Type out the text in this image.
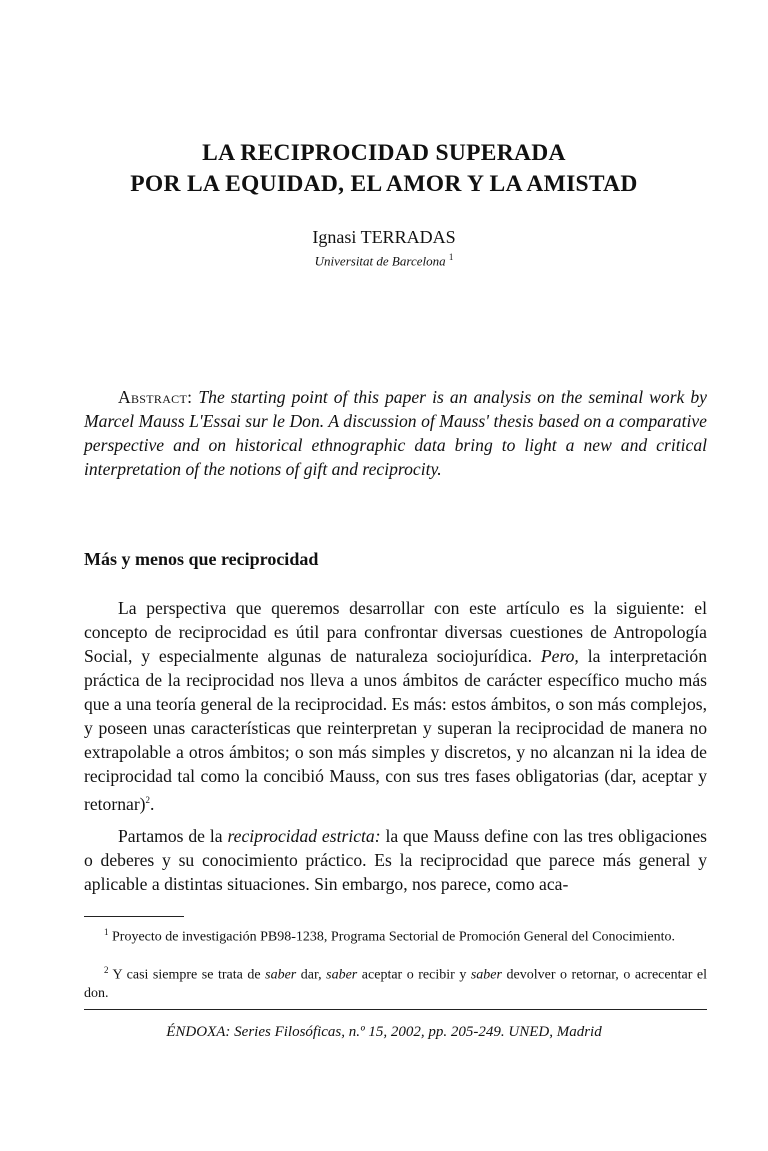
LA RECIPROCIDAD SUPERADA
POR LA EQUIDAD, EL AMOR Y LA AMISTAD
Ignasi TERRADAS
Universitat de Barcelona $^1$
Abstract: The starting point of this paper is an analysis on the seminal work by Marcel Mauss L'Essai sur le Don. A discussion of Mauss' thesis based on a comparative perspective and on historical ethnographic data bring to light a new and critical interpretation of the notions of gift and reciprocity.
Más y menos que reciprocidad

La perspectiva que queremos desarrollar con este artículo es la siguiente: el concepto de reciprocidad es útil para confrontar diversas cuestiones de Antropología Social, y especialmente algunas de naturaleza sociojurídica. Pero, la interpretación práctica de la reciprocidad nos lleva a unos ámbitos de carácter específico mucho más que a una teoría general de la reciprocidad. Es más: estos ámbitos, o son más complejos, y poseen unas características que reinterpretan y superan la reciprocidad de manera no extrapolable a otros ámbitos; o son más simples y discretos, y no alcanzan ni la idea de reciprocidad tal como la concibió Mauss, con sus tres fases obligatorias (dar, aceptar y retornar)$^2$.

Partamos de la reciprocidad estricta: la que Mauss define con las tres obligaciones o deberes y su conocimiento práctico. Es la reciprocidad que parece más general y aplicable a distintas situaciones. Sin embargo, nos parece, como aca-

$^1$ Proyecto de investigación PB98-1238, Programa Sectorial de Promoción General del Conocimiento.

$^2$ Y casi siempre se trata de saber dar, saber aceptar o recibir y saber devolver o retornar, o acrecentar el don.

ÉNDOXA: Series Filosóficas, n.º 15, 2002, pp. 205-249. UNED, Madrid
